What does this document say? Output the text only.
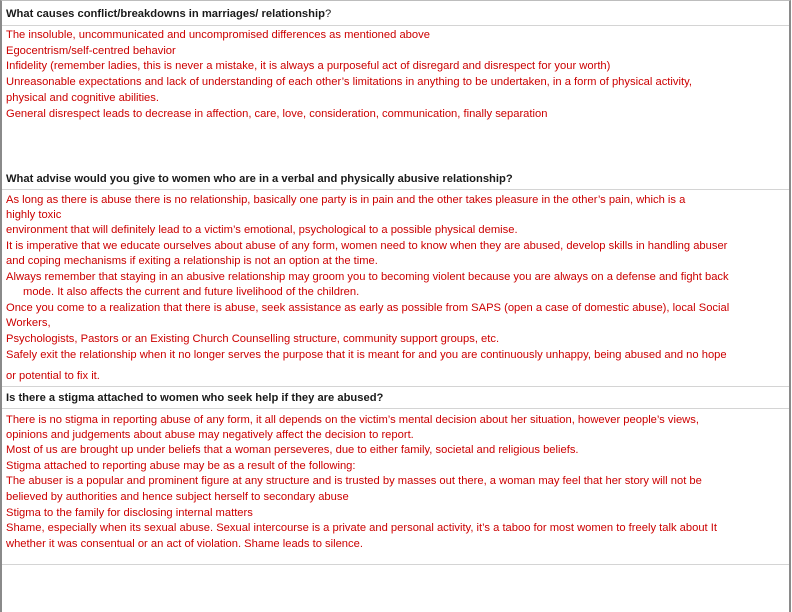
What causes conflict/breakdowns in marriages/ relationship?
The insoluble, uncommunicated and uncompromised differences as mentioned above
Egocentrism/self-centred behavior
Infidelity (remember ladies, this is never a mistake, it is always a purposeful act of disregard and disrespect for your worth)
Unreasonable expectations and lack of understanding of each other’s limitations in anything to be undertaken, in a form of physical activity,
physical and cognitive abilities.
General disrespect leads to decrease in affection, care, love, consideration, communication, finally separation
What advise would you give to women who are in a verbal and physically abusive relationship?
As long as there is abuse there is no relationship, basically one party is in pain and the other takes pleasure in the other’s pain, which is a
highly toxic
environment that will definitely lead to a victim’s emotional, psychological to a possible physical demise.
It is imperative that we educate ourselves about abuse of any form, women need to know when they are abused, develop skills in handling abuser
and coping mechanisms if exiting a relationship is not an option at the time.
Always remember that staying in an abusive relationship may groom you to becoming violent because you are always on a defense and fight back
mode. It also affects the current and future livelihood of the children.
Once you come to a realization that there is abuse, seek assistance as early as possible from SAPS (open a case of domestic abuse), local Social
Workers,
Psychologists, Pastors or an Existing Church Counselling structure, community support groups, etc.
Safely exit the relationship when it no longer serves the purpose that it is meant for and you are continuously unhappy, being abused and no hope
or potential to fix it.
Is there a stigma attached to women who seek help if they are abused?
There is no stigma in reporting abuse of any form, it all depends on the victim’s mental decision about her situation, however people’s views,
opinions and judgements about abuse may negatively affect the decision to report.
Most of us are brought up under beliefs that a woman perseveres, due to either family, societal and religious beliefs.
Stigma attached to reporting abuse may be as a result of the following:
The abuser is a popular and prominent figure at any structure and is trusted by masses out there, a woman may feel that her story will not be
believed by authorities and hence subject herself to secondary abuse
Stigma to the family for disclosing internal matters
Shame, especially when its sexual abuse. Sexual intercourse is a private and personal activity, it’s a taboo for most women to freely talk about It
whether it was consentual or an act of violation. Shame leads to silence.
